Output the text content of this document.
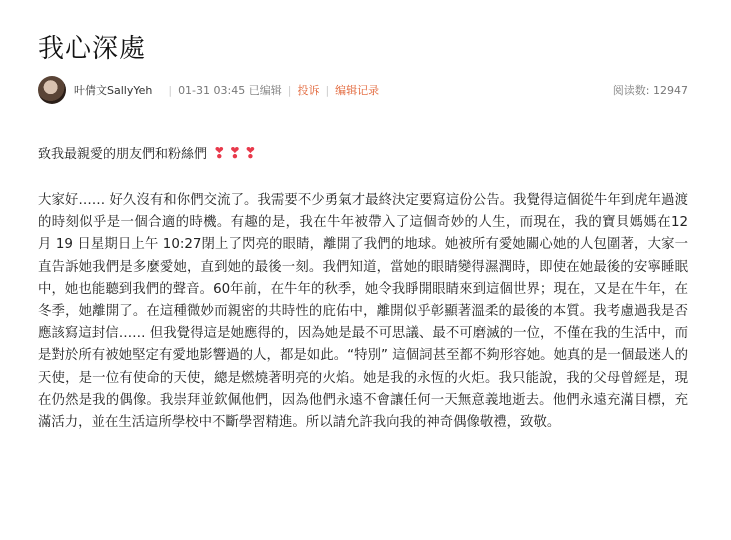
我心深處
叶倩文SallyYeh | 01-31 03:45 已编辑 | 投诉 | 编辑记录	阅读数: 12947
致我最親愛的朋友們和粉絲們 ❣❣❣

大家好…… 好久沒有和你們交流了。我需要不少勇氣才最終決定要寫這份公告。我覺得這個從牛年到虎年過渡的時刻似乎是一個合適的時機。有趣的是，我在牛年被帶入了這個奇妙的人生，而現在，我的寶貝媽媽在12 月 19 日星期日上午 10:27閉上了閃亮的眼睛，離開了我們的地球。她被所有愛她關心她的人包圍著，大家一直告訴她我們是多麼愛她，直到她的最後一刻。我們知道，當她的眼睛變得濕潤時，即使在她最後的安寧睡眠中，她也能聽到我們的聲音。60年前，在牛年的秋季，她令我睜開眼睛來到這個世界；現在，又是在牛年，在冬季，她離開了。在這種微妙而親密的共時性的庇佑中，離開似乎彰顯著溫柔的最後的本質。我考慮過我是否應該寫這封信…… 但我覺得這是她應得的，因為她是最不可思議、最不可磨滅的一位，不僅在我的生活中，而是對於所有被她堅定有愛地影響過的人，都是如此。“特別” 這個詞甚至都不夠形容她。她真的是一個最迷人的天使，是一位有使命的天使，總是燃燒著明亮的火焰。她是我的永恆的火炬。我只能說，我的父母曾經是，現在仍然是我的偶像。我崇拜並欽佩他們，因為他們永遠不會讓任何一天無意義地逝去。他們永遠充滿目標，充滿活力，並在生活這所學校中不斷學習精進。所以請允許我向我的神奇偶像敬禮，致敬。
